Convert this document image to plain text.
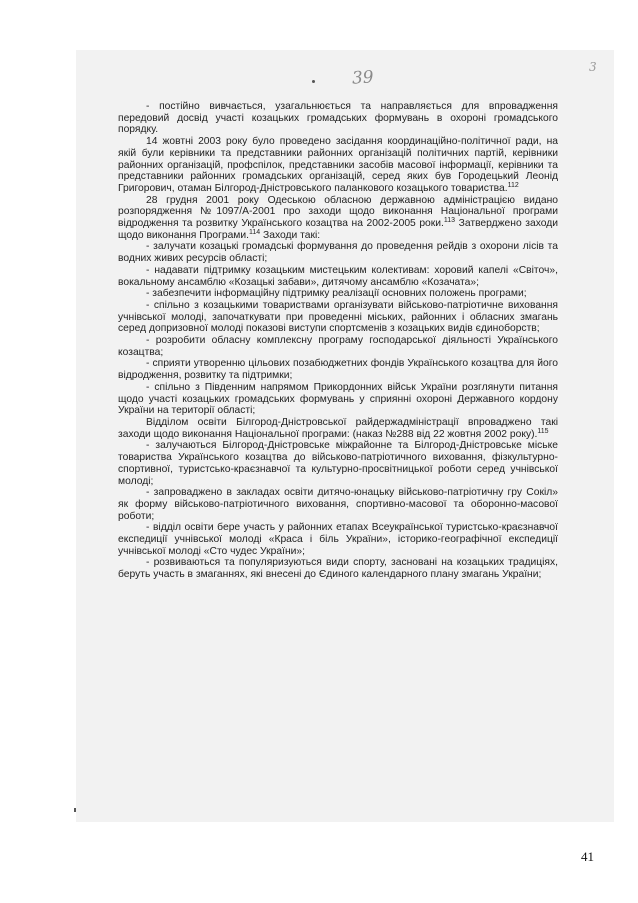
39
3

- постійно вивчається, узагальнюється та направляється для впровадження передовий досвід участі козацьких громадських формувань в охороні громадського порядку.

14 жовтні 2003 року було проведено засідання координаційно-політичної ради, на якій були керівники та представники районних організацій політичних партій, керівники районних організацій, профспілок, представники засобів масової інформації, керівники та представники районних громадських організацій, серед яких був Городецький Леонід Григорович, отаман Білгород-Дністровського паланкового козацького товариства.$^{112}$

28 грудня 2001 року Одеською обласною державною адміністрацією видано розпорядження №1097/А-2001 про заходи щодо виконання Національної програми відродження та розвитку Українського козацтва на 2002-2005 роки.$^{113}$ Затверджено заходи щодо виконання Програми.$^{114}$ Заходи такі:

- залучати козацькі громадські формування до проведення рейдів з охорони лісів та водних живих ресурсів області;

- надавати підтримку козацьким мистецьким колективам: хоровий капелі «Світоч», вокальному ансамблю «Козацькі забави», дитячому ансамблю «Козачата»;

- забезпечити інформаційну підтримку реалізації основних положень програми;

- спільно з козацькими товариствами організувати військово-патріотичне виховання учнівської молоді, започаткувати при проведенні міських, районних і обласних змагань серед допризовної молоді показові виступи спортсменів з козацьких видів єдиноборств;

- розробити обласну комплексну програму господарської діяльності Українського козацтва;

- сприяти утворенню цільових позабюджетних фондів Українського козацтва для його відродження, розвитку та підтримки;

- спільно з Південним напрямом Прикордонних військ України розглянути питання щодо участі козацьких громадських формувань у сприянні охороні Державного кордону України на території області;

Відділом освіти Білгород-Дністровської райдержадміністрації впроваджено такі заходи щодо виконання Національної програми: (наказ №288 від 22 жовтня 2002 року).$^{115}$

- залучаються Білгород-Дністровське міжрайонне та Білгород-Дністровське міське товариства Українського козацтва до військово-патріотичного виховання, фізкультурно-спортивної, туристсько-краєзнавчої та культурно-просвітницької роботи серед учнівської молоді;

- запроваджено в закладах освіти дитячо-юнацьку військово-патріотичну гру Сокіл» як форму військово-патріотичного виховання, спортивно-масової та оборонно-масової роботи;

- відділ освіти бере участь у районних етапах Всеукраїнської туристсько-краєзнавчої експедиції учнівської молоді «Краса і біль України», історико-географічної експедиції учнівської молоді «Сто чудес України»;

- розвиваються та популяризуються види спорту, засновані на козацьких традиціях, беруть участь в змаганнях, які внесені до Єдиного календарного плану змагань України;

41
